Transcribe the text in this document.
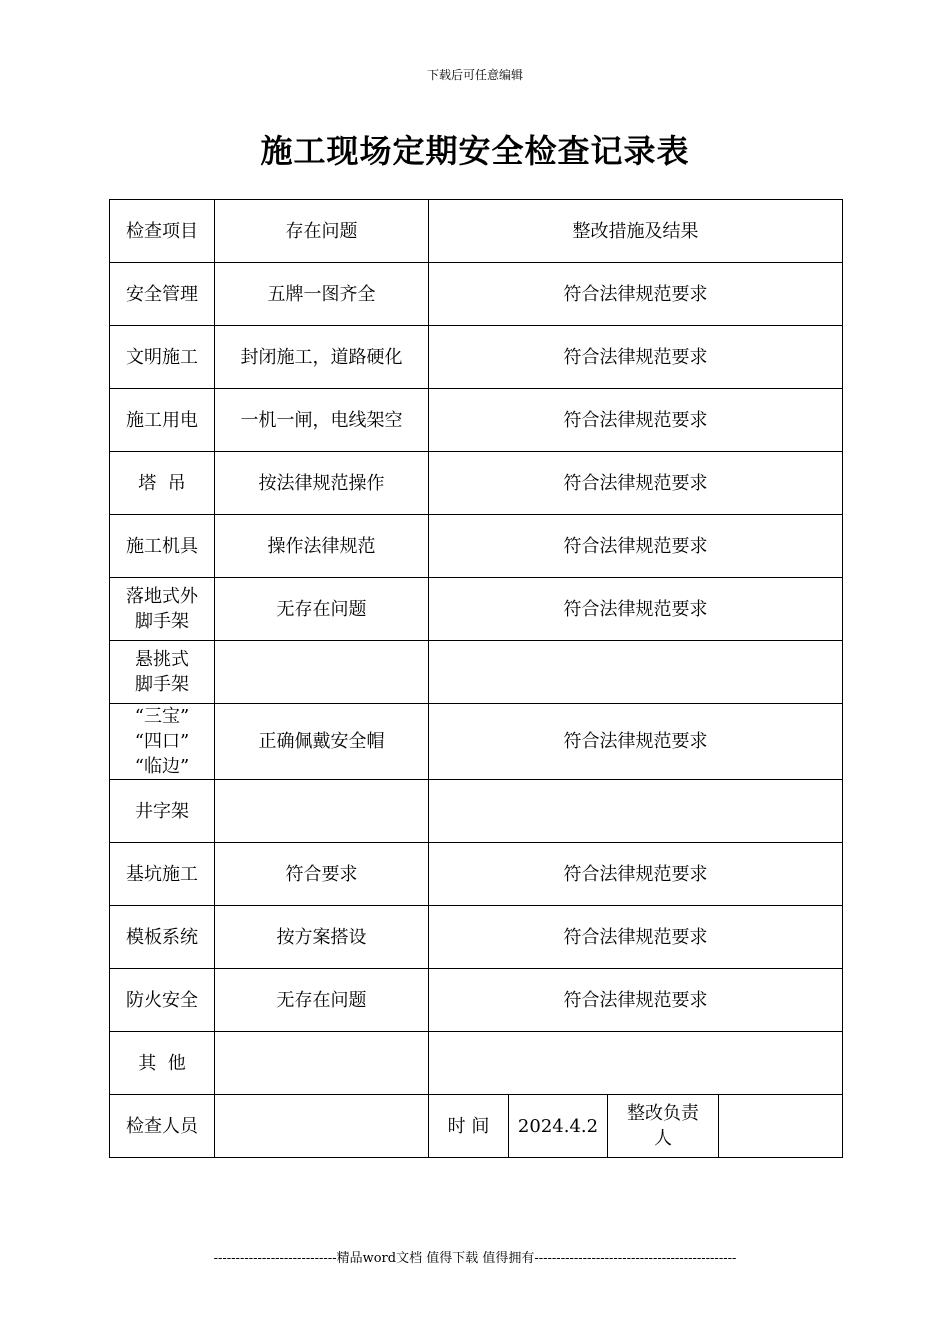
下载后可任意编辑
施工现场定期安全检查记录表
检查项目	存在问题	整改措施及结果			
安全管理	五牌一图齐全	符合法律规范要求			
文明施工	封闭施工，道路硬化	符合法律规范要求			
施工用电	一机一闸，电线架空	符合法律规范要求			
塔  吊	按法律规范操作	符合法律规范要求			
施工机具	操作法律规范	符合法律规范要求			

落地式外
脚手架	无存在问题	符合法律规范要求			

悬挑式
脚手架					

“三宝”
“四口”
“临边”	正确佩戴安全帽	符合法律规范要求			
井字架					
基坑施工	符合要求	符合法律规范要求			
模板系统	按方案搭设	符合法律规范要求			
防火安全	无存在问题	符合法律规范要求			
其  他					
检查人员		时 间	2024.4.2	整改负责
人	

----------------------------精品word文档 值得下载 值得拥有----------------------------------------------
